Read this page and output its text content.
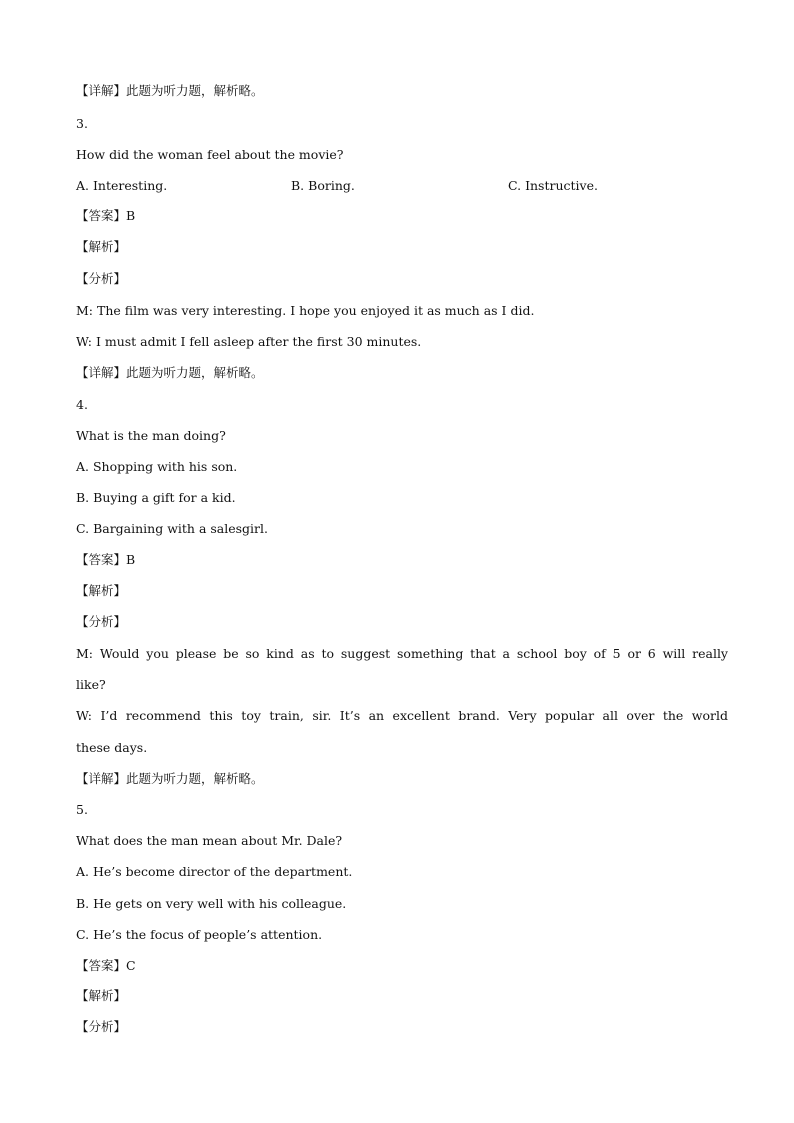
【详解】此题为听力题，解析略。
3.
How did the woman feel about the movie?
A. Interesting.	B. Boring.	C. Instructive.
【答案】B
【解析】
【分析】
M: The film was very interesting. I hope you enjoyed it as much as I did.
W: I must admit I fell asleep after the first 30 minutes.
【详解】此题为听力题，解析略。
4.
What is the man doing?
A. Shopping with his son.
B. Buying a gift for a kid.
C. Bargaining with a salesgirl.
【答案】B
【解析】
【分析】
M: Would you please be so kind as to suggest something that a school boy of 5 or 6 will really
like?
W: I’d recommend this toy train, sir. It’s an excellent brand. Very popular all over the world
these days.
【详解】此题为听力题，解析略。
5.
What does the man mean about Mr. Dale?
A. He’s become director of the department.
B. He gets on very well with his colleague.
C. He’s the focus of people’s attention.
【答案】C
【解析】
【分析】
